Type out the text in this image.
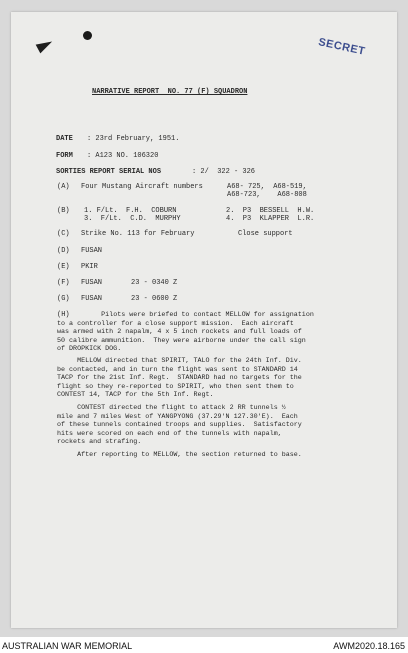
SECRET
NARRATIVE REPORT  NO. 77 (F) SQUADRON
DATE : 23rd February, 1951.
FORM : A123 NO. 106320
SORTIES REPORT SERIAL NOS	: 2/  322 - 326
(A) Four Mustang Aircraft numbers	A68- 725,  A68-519,
A68-723,    A68-808
(B) 1. F/Lt.  F.H.  COBURN	2.  P3  BESSELL  H.W.
3.  F/Lt.  C.D.  MURPHY	4.  P3  KLAPPER  L.R.
(C) Strike No. 113 for February	Close support
(D) FUSAN
(E) PKIR
(F) FUSAN	23 - 0340 Z
(G) FUSAN	23 - 0600 Z
(H) Pilots were briefed to contact MELLOW for assignation
to a controller for a close support mission.  Each aircraft
was armed with 2 napalm, 4 x 5 inch rockets and full loads of
50 calibre ammunition.  They were airborne under the call sign
of DROPKICK DOG.
MELLOW directed that SPIRIT, TALO for the 24th Inf. Div.
be contacted, and in turn the flight was sent to STANDARD 14
TACP for the 21st Inf. Regt.  STANDARD had no targets for the
flight so they re-reported to SPIRIT, who then sent them to
CONTEST 14, TACP for the 5th Inf. Regt.
CONTEST directed the flight to attack 2 RR tunnels ½
mile and 7 miles West of YANGPYONG (37.29'N 127.30'E).  Each
of these tunnels contained troops and supplies.  Satisfactory
hits were scored on each end of the tunnels with napalm,
rockets and strafing.
After reporting to MELLOW, the section returned to base.
AUSTRALIAN WAR MEMORIAL	AWM2020.18.165
